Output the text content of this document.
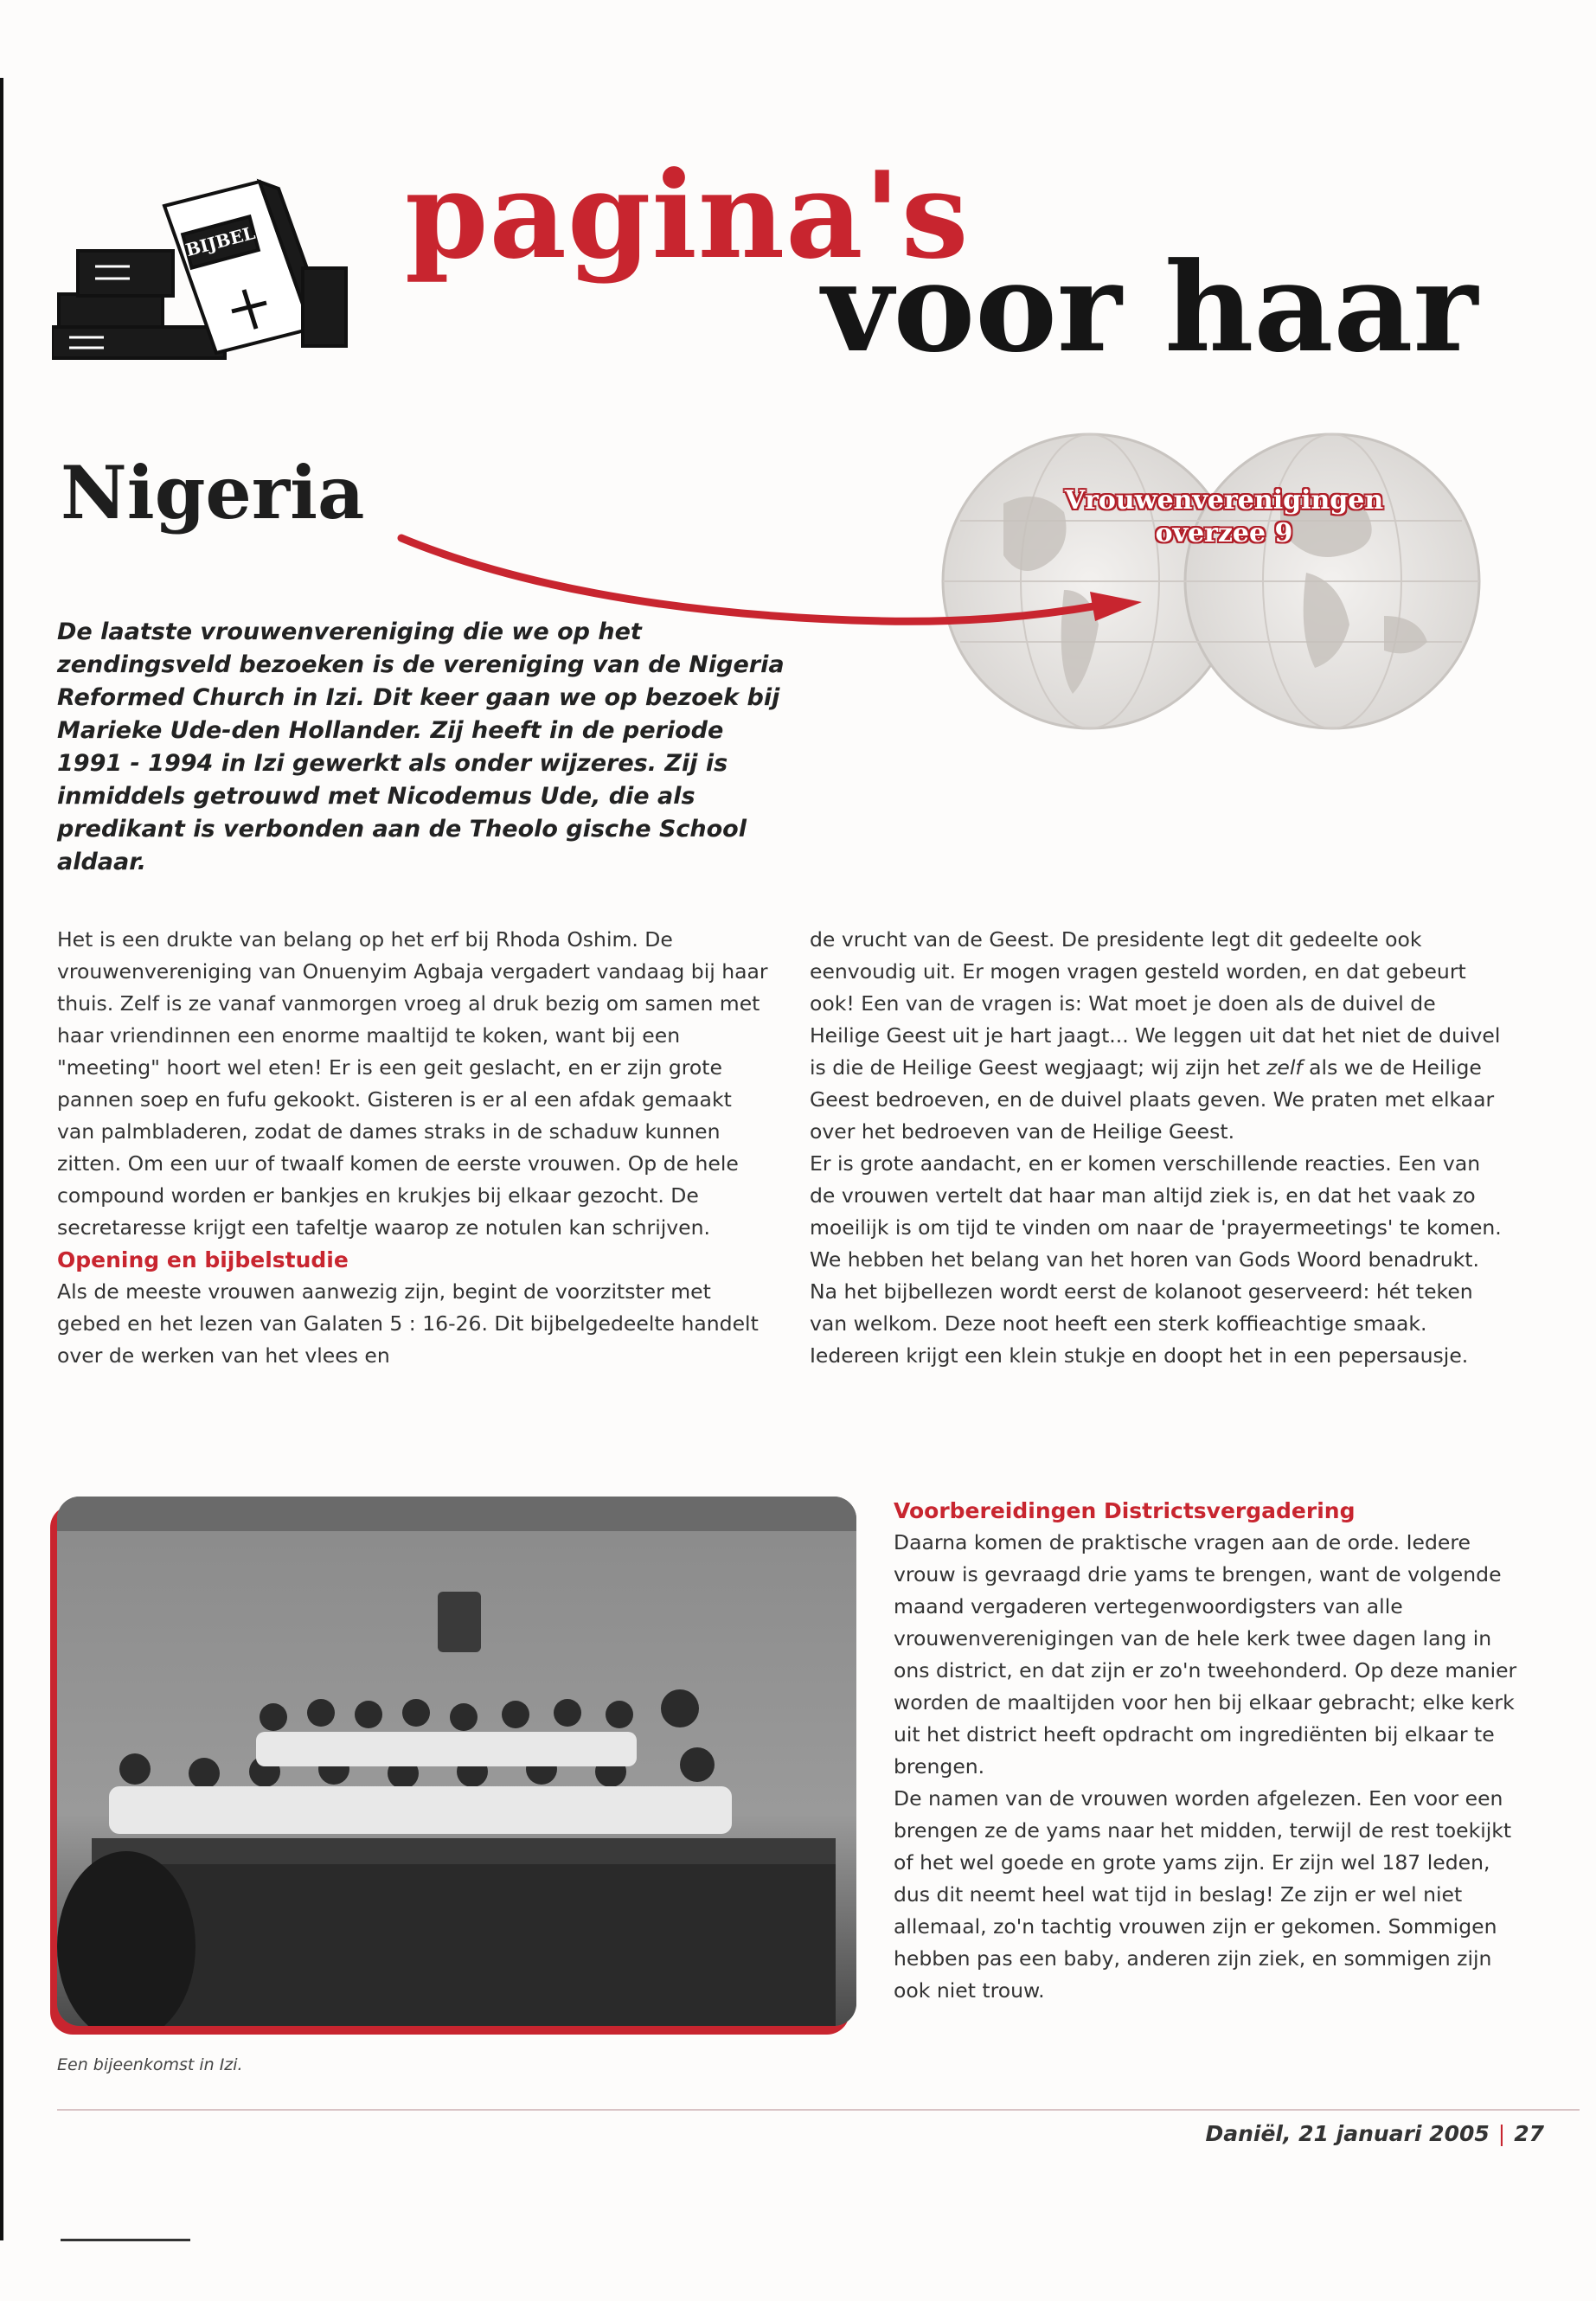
BIJBEL pagina's
voor haar
Nigeria	Vrouwenverenigingen
overzee 9

De laatste vrouwenvereniging die we op het zendingsveld bezoeken is de vereniging van de Nigeria Reformed Church in Izi. Dit keer gaan we op bezoek bij Marieke Ude-den Hollander. Zij heeft in de periode 1991 - 1994 in Izi gewerkt als onder wijzeres. Zij is inmiddels getrouwd met Nicodemus Ude, die als predikant is verbonden aan de Theolo gische School aldaar.

Het is een drukte van belang op het erf bij Rhoda Oshim. De vrouwenvereniging van Onuenyim Agbaja vergadert vandaag bij haar thuis. Zelf is ze vanaf vanmorgen vroeg al druk bezig om samen met haar vriendinnen een enorme maaltijd te koken, want bij een "meeting" hoort wel eten! Er is een geit geslacht, en er zijn grote pannen soep en fufu gekookt. Gisteren is er al een afdak gemaakt van palmbladeren, zodat de dames straks in de schaduw kunnen zitten. Om een uur of twaalf komen de eerste vrouwen. Op de hele compound worden er bankjes en krukjes bij elkaar gezocht. De secretaresse krijgt een tafeltje waarop ze notulen kan schrijven.

Opening en bijbelstudie

Als de meeste vrouwen aanwezig zijn, begint de voorzitster met gebed en het lezen van Galaten 5 : 16-26. Dit bijbelgedeelte handelt over de werken van het vlees en

de vrucht van de Geest. De presidente legt dit gedeelte ook eenvoudig uit. Er mogen vragen gesteld worden, en dat gebeurt ook! Een van de vragen is: Wat moet je doen als de duivel de Heilige Geest uit je hart jaagt... We leggen uit dat het niet de duivel is die de Heilige Geest wegjaagt; wij zijn het zelf als we de Heilige Geest bedroeven, en de duivel plaats geven. We praten met elkaar over het bedroeven van de Heilige Geest.

Er is grote aandacht, en er komen verschillende reacties. Een van de vrouwen vertelt dat haar man altijd ziek is, en dat het vaak zo moeilijk is om tijd te vinden om naar de 'prayermeetings' te komen. We hebben het belang van het horen van Gods Woord benadrukt. Na het bijbellezen wordt eerst de kolanoot geserveerd: hét teken van welkom. Deze noot heeft een sterk koffieachtige smaak. Iedereen krijgt een klein stukje en doopt het in een pepersausje.

Een bijeenkomst in Izi.

Voorbereidingen Districtsvergadering

Daarna komen de praktische vragen aan de orde. Iedere vrouw is gevraagd drie yams te brengen, want de volgende maand vergaderen vertegenwoordigsters van alle vrouwenverenigingen van de hele kerk twee dagen lang in ons district, en dat zijn er zo'n tweehonderd. Op deze manier worden de maaltijden voor hen bij elkaar gebracht; elke kerk uit het district heeft opdracht om ingrediënten bij elkaar te brengen.

De namen van de vrouwen worden afgelezen. Een voor een brengen ze de yams naar het midden, terwijl de rest toekijkt of het wel goede en grote yams zijn. Er zijn wel 187 leden, dus dit neemt heel wat tijd in beslag! Ze zijn er wel niet allemaal, zo'n tachtig vrouwen zijn er gekomen. Sommigen hebben pas een baby, anderen zijn ziek, en sommigen zijn ook niet trouw.

Daniël, 21 januari 2005 | 27
